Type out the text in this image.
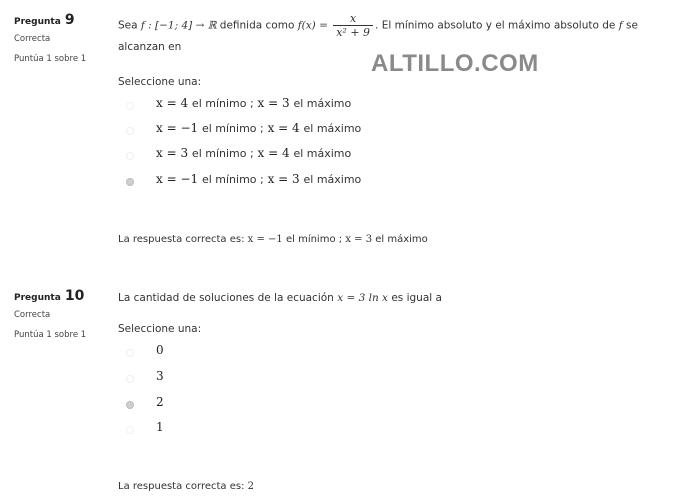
ALTILLO.COM
Pregunta 9
Correcta
Puntúa 1 sobre 1
Sea f : [−1; 4] → ℝ definida como $f(x) = \frac{x}{\text{x² + 9}}$ . El mínimo absoluto y el máximo absoluto de f se
alcanzan en
Seleccione una:
x = 4 el mínimo ; x = 3 el máximo
x = −1 el mínimo ; x = 4 el máximo
x = 3 el mínimo ; x = 4 el máximo
x = −1 el mínimo ; x = 3 el máximo
La respuesta correcta es: x = −1 el mínimo ; x = 3 el máximo
Pregunta 10
Correcta
Puntúa 1 sobre 1
La cantidad de soluciones de la ecuación x = 3 ln x es igual a
Seleccione una:
0
3
2
1
La respuesta correcta es: 2
